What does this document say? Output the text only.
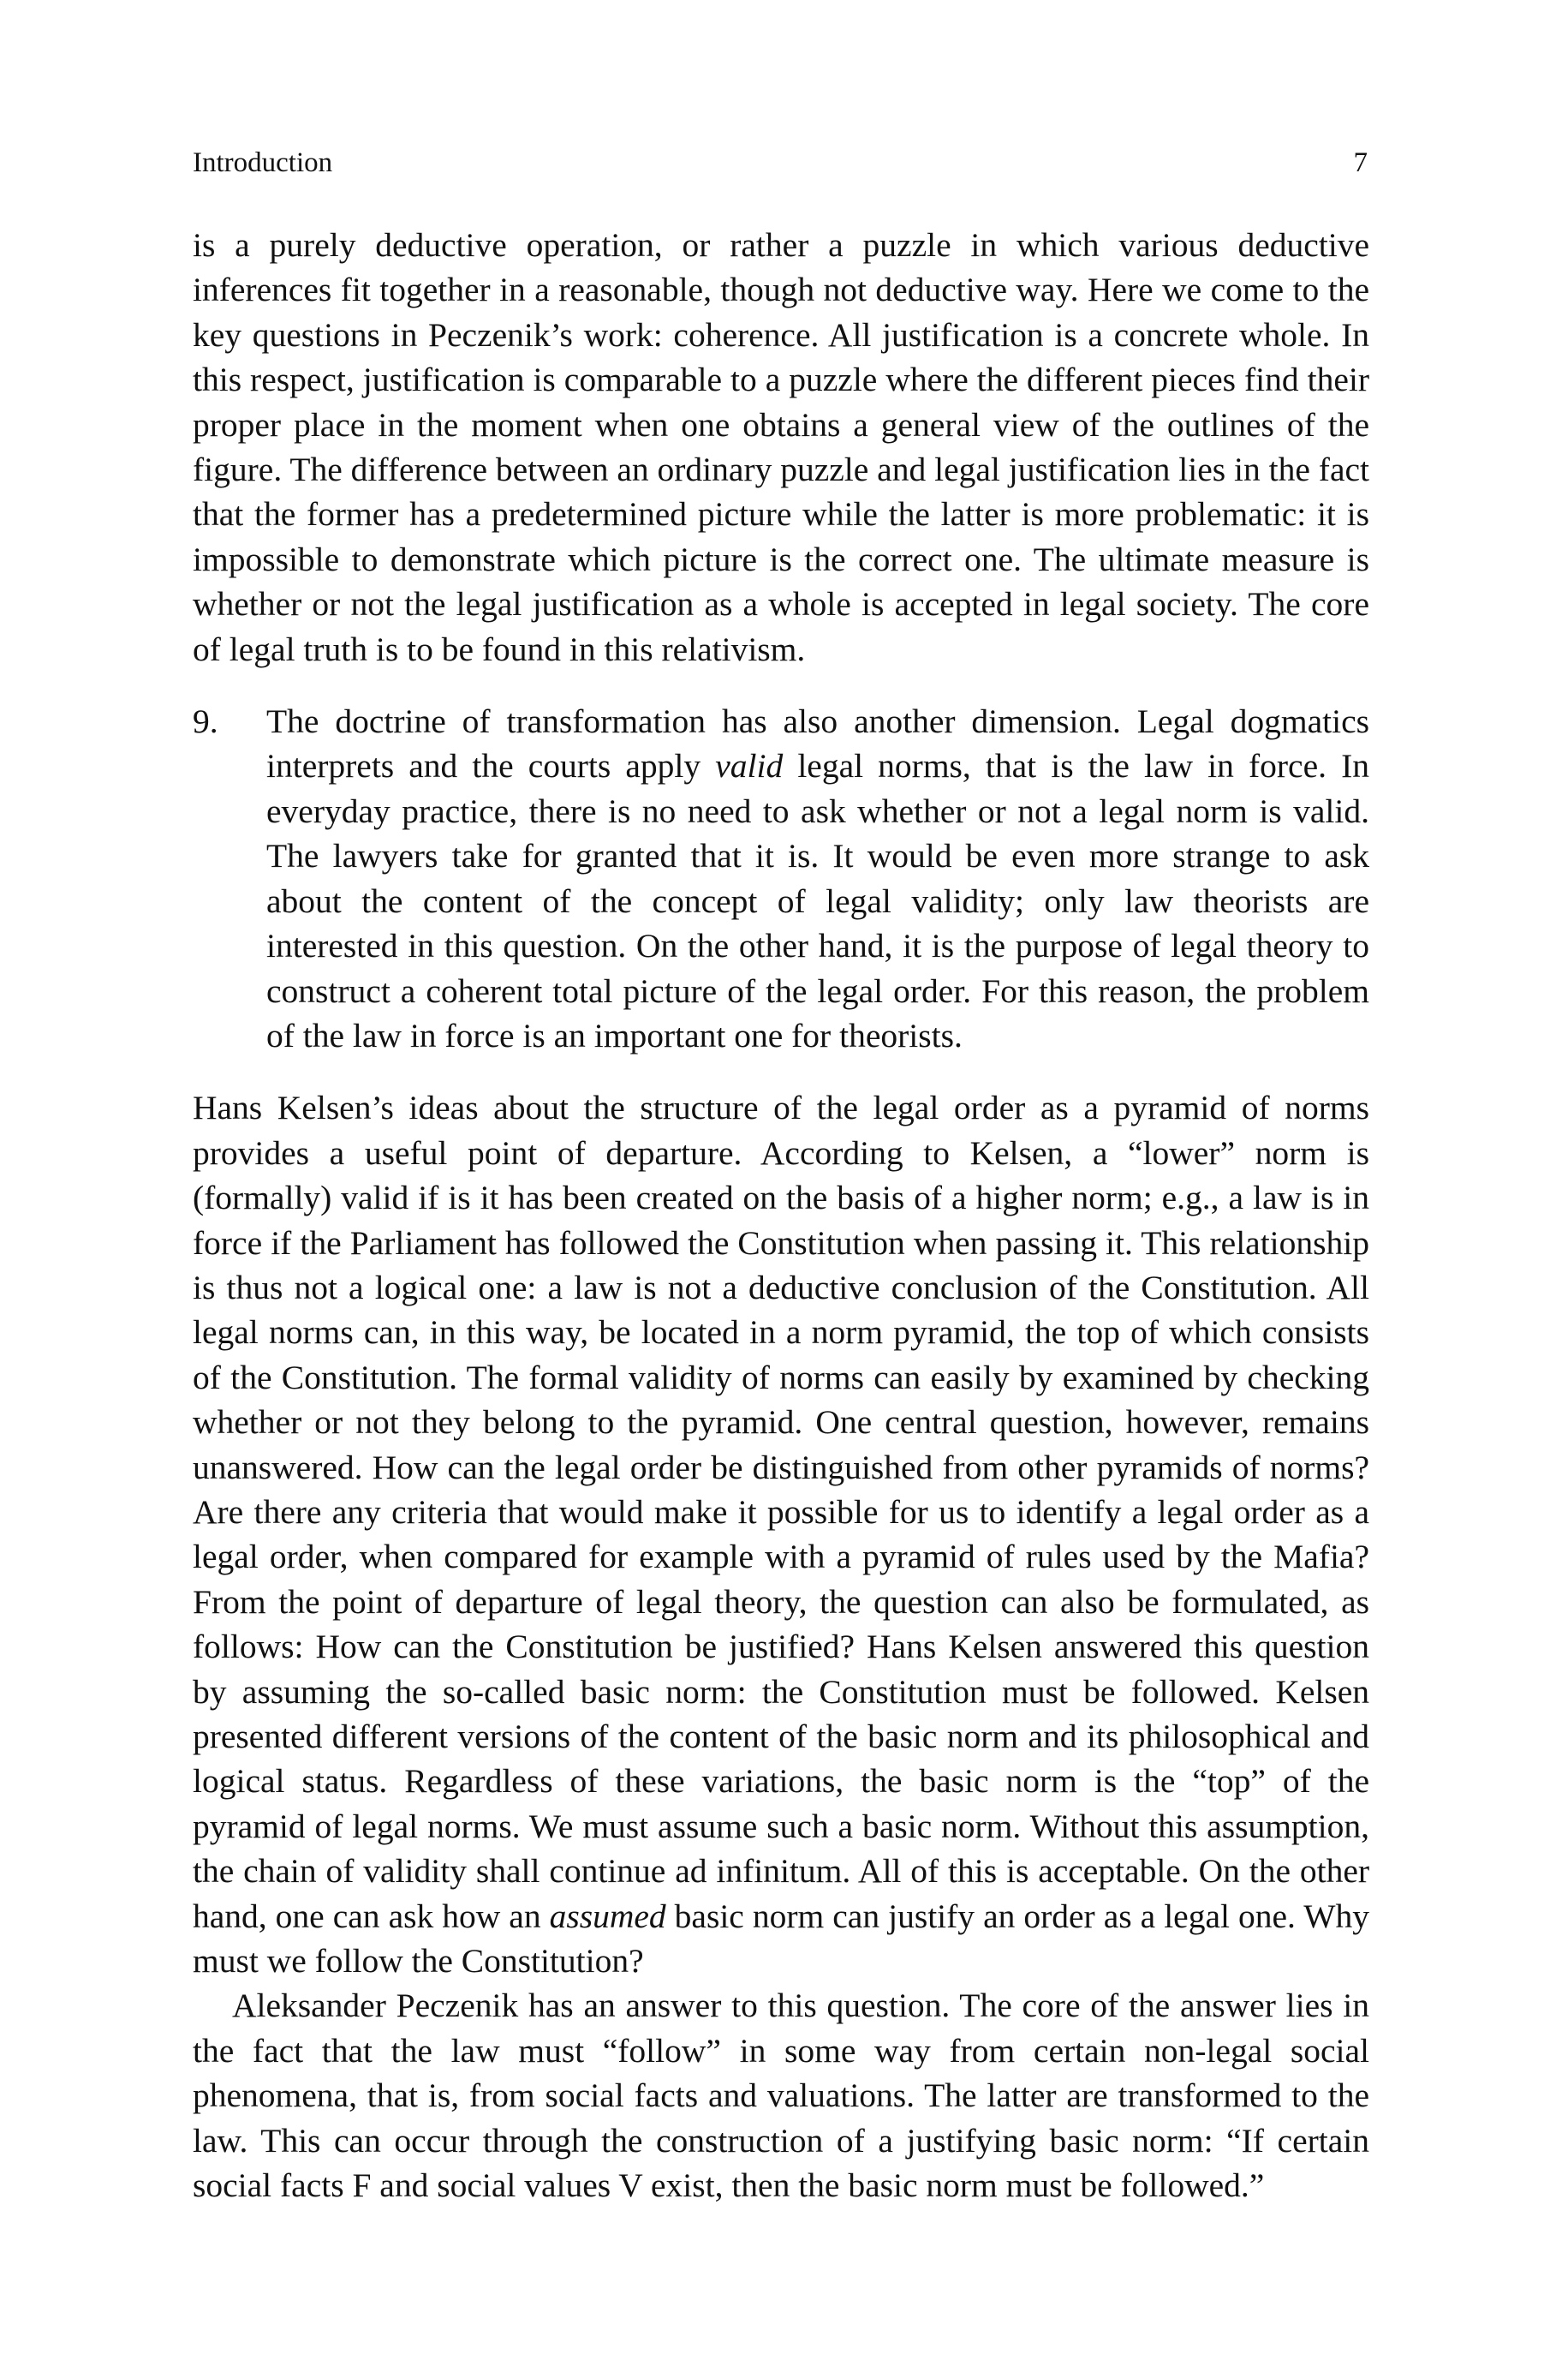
Introduction	7

is a purely deductive operation, or rather a puzzle in which various deductive inferences fit together in a reasonable, though not deductive way. Here we come to the key questions in Peczenik’s work: coherence. All justification is a concrete whole. In this respect, justification is comparable to a puzzle where the different pieces find their proper place in the moment when one obtains a general view of the outlines of the figure. The difference between an ordinary puzzle and legal justification lies in the fact that the former has a predetermined picture while the latter is more problematic: it is impossible to demonstrate which picture is the correct one. The ultimate measure is whether or not the legal justification as a whole is accepted in legal society. The core of legal truth is to be found in this relativism.

9. The doctrine of transformation has also another dimension. Legal dogmatics interprets and the courts apply valid legal norms, that is the law in force. In everyday practice, there is no need to ask whether or not a legal norm is valid. The lawyers take for granted that it is. It would be even more strange to ask about the content of the concept of legal validity; only law theorists are interested in this question. On the other hand, it is the purpose of legal theory to construct a coherent total picture of the legal order. For this reason, the problem of the law in force is an important one for theorists.

Hans Kelsen’s ideas about the structure of the legal order as a pyramid of norms provides a useful point of departure. According to Kelsen, a “lower” norm is (formally) valid if is it has been created on the basis of a higher norm; e.g., a law is in force if the Parliament has followed the Constitution when passing it. This relationship is thus not a logical one: a law is not a deductive conclusion of the Constitution. All legal norms can, in this way, be located in a norm pyramid, the top of which consists of the Constitution. The formal validity of norms can easily by examined by checking whether or not they belong to the pyramid. One central question, however, remains unanswered. How can the legal order be distinguished from other pyramids of norms? Are there any criteria that would make it possible for us to identify a legal order as a legal order, when compared for example with a pyramid of rules used by the Mafia? From the point of departure of legal theory, the question can also be formulated, as follows: How can the Constitution be justified? Hans Kelsen answered this question by assuming the so-called basic norm: the Constitution must be followed. Kelsen presented different versions of the content of the basic norm and its philosophical and logical status. Regardless of these variations, the basic norm is the “top” of the pyramid of legal norms. We must assume such a basic norm. Without this assumption, the chain of validity shall continue ad infinitum. All of this is acceptable. On the other hand, one can ask how an assumed basic norm can justify an order as a legal one. Why must we follow the Constitution?

Aleksander Peczenik has an answer to this question. The core of the answer lies in the fact that the law must “follow” in some way from certain non-legal social phenomena, that is, from social facts and valuations. The latter are transformed to the law. This can occur through the construction of a justifying basic norm: “If certain social facts F and social values V exist, then the basic norm must be followed.”
